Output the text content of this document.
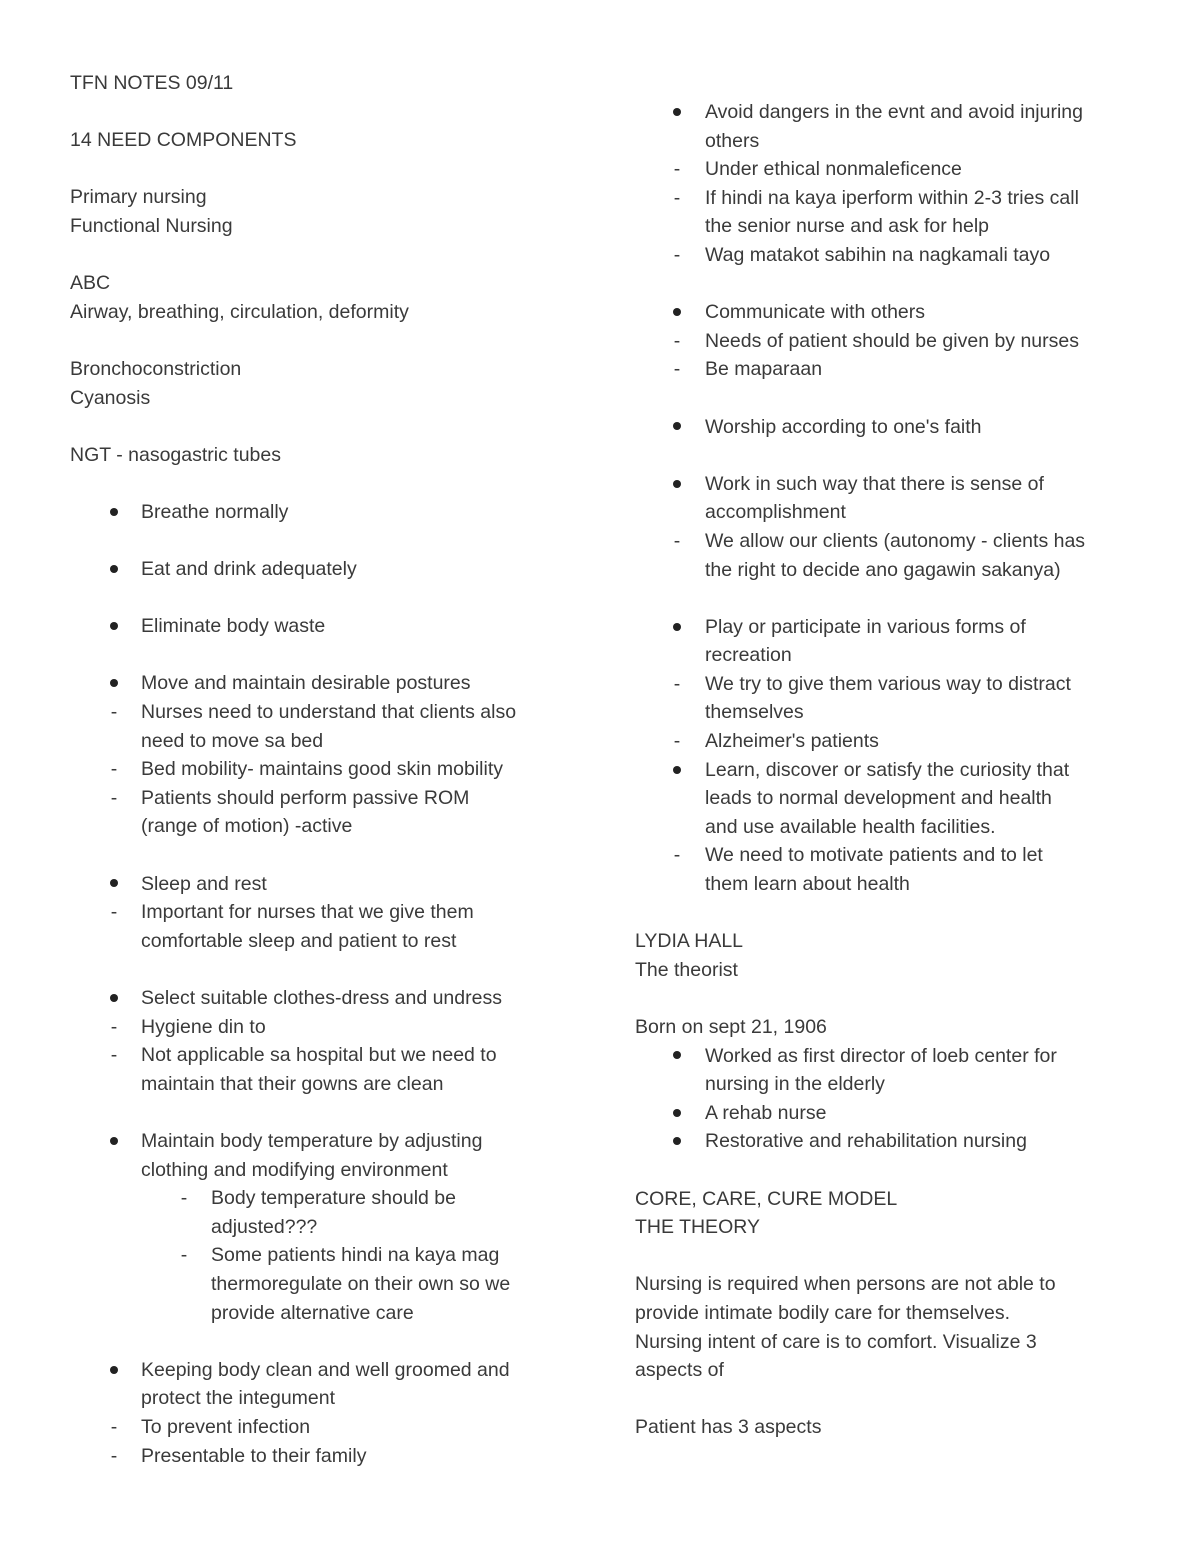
TFN NOTES 09/11
14 NEED COMPONENTS
Primary nursing
Functional Nursing
ABC
Airway, breathing, circulation, deformity
Bronchoconstriction
Cyanosis
NGT - nasogastric tubes
Breathe normally
Eat and drink adequately
Eliminate body waste
Move and maintain desirable postures
-	Nurses need to understand that clients also
need to move sa bed
-	Bed mobility- maintains good skin mobility
-	Patients should perform passive ROM
(range of motion) -active
Sleep and rest
-	Important for nurses that we give them
comfortable sleep and patient to rest
Select suitable clothes-dress and undress
-	Hygiene din to
-	Not applicable sa hospital but we need to
maintain that their gowns are clean
Maintain body temperature by adjusting
clothing and modifying environment
-	Body temperature should be
adjusted???
-	Some patients hindi na kaya mag
thermoregulate on their own so we
provide alternative care
Keeping body clean and well groomed and
protect the integument
-	To prevent infection
-	Presentable to their family
Avoid dangers in the evnt and avoid injuring
others
-	Under ethical nonmaleficence
-	If hindi na kaya iperform within 2-3 tries call
the senior nurse and ask for help
-	Wag matakot sabihin na nagkamali tayo
Communicate with others
-	Needs of patient should be given by nurses
-	Be maparaan
Worship according to one's faith
Work in such way that there is sense of
accomplishment
-	We allow our clients (autonomy - clients has
the right to decide ano gagawin sakanya)
Play or participate in various forms of
recreation
-	We try to give them various way to distract
themselves
-	Alzheimer's patients
Learn, discover or satisfy the curiosity that
leads to normal development and health
and use available health facilities.
-	We need to motivate patients and to let
them learn about health
LYDIA HALL
The theorist
Born on sept 21, 1906
Worked as first director of loeb center for
nursing in the elderly
A rehab nurse
Restorative and rehabilitation nursing
CORE, CARE, CURE MODEL
THE THEORY
Nursing is required when persons are not able to
provide intimate bodily care for themselves.
Nursing intent of care is to comfort. Visualize 3
aspects of
Patient has 3 aspects
